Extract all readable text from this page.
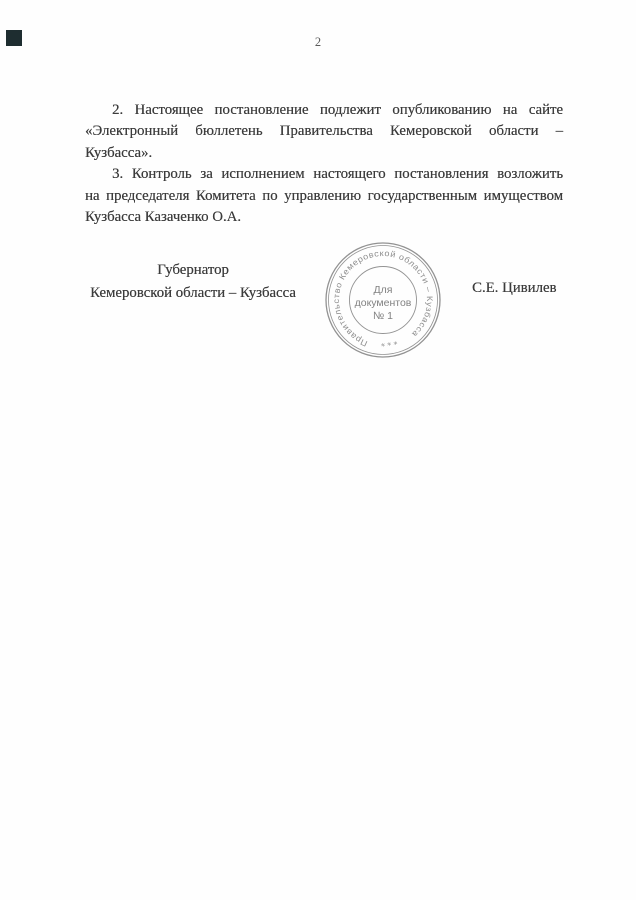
2
2. Настоящее постановление подлежит опубликованию на сайте
«Электронный бюллетень Правительства Кемеровской области –
Кузбасса».
3. Контроль за исполнением настоящего постановления возложить
на председателя Комитета по управлению государственным имуществом
Кузбасса Казаченко О.А.
Губернатор
Кемеровской области – Кузбасса
Правительство Кемеровской области – Кузбасса
⁎ ⁎ ⁎
Для
документов
№ 1
С.Е. Цивилев
